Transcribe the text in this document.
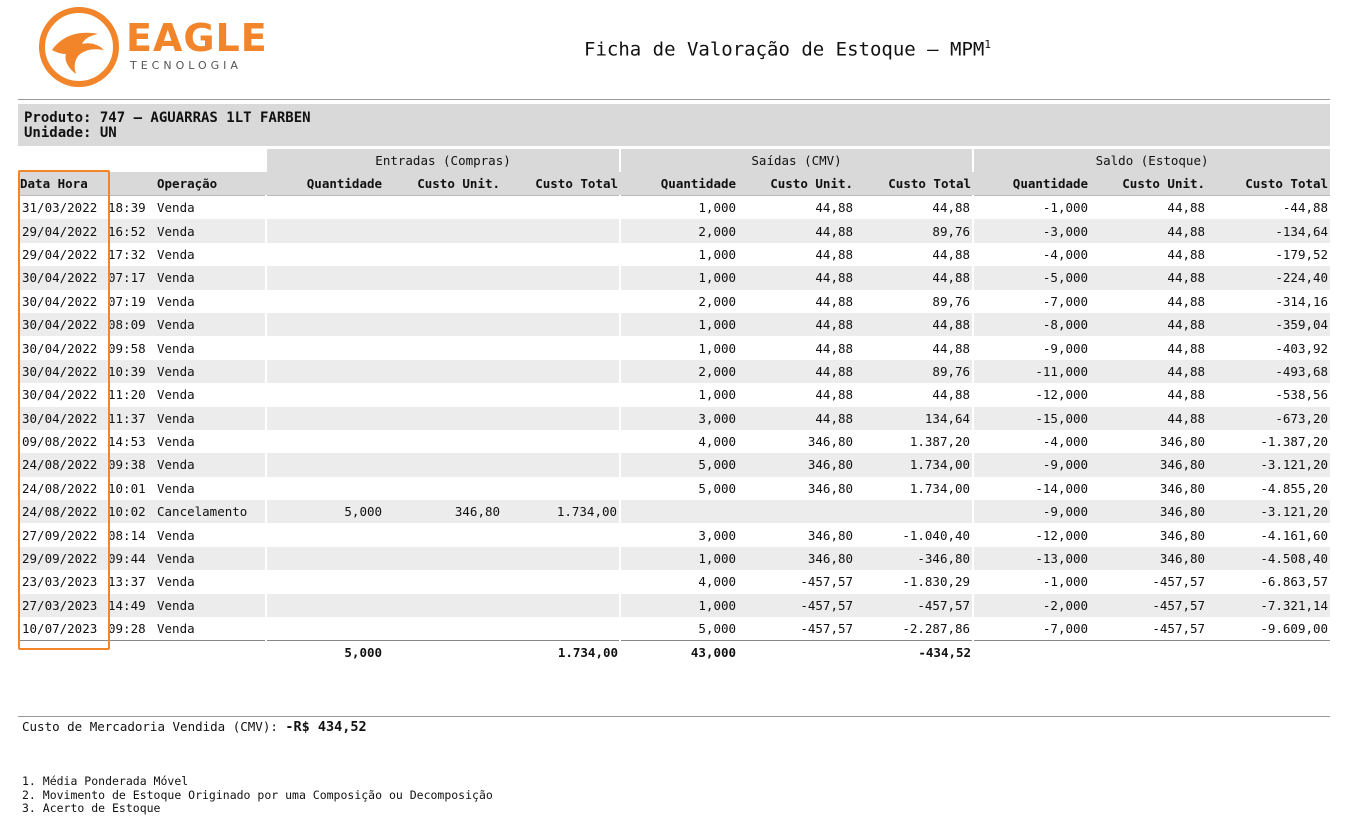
EAGLE
TECNOLOGIA
Ficha de Valoração de Estoque – MPM$^1$
Produto: 747 – AGUARRAS 1LT FARBEN
Unidade: UN
			Entradas (Compras)			Saídas (CMV)			Saldo (Estoque)		
Data Hora		Operação	Quantidade	Custo Unit.	Custo Total	Quantidade	Custo Unit.	Custo Total	Quantidade	Custo Unit.	Custo Total
31/03/2022	18:39	Venda				1,000	44,88	44,88	-1,000	44,88	-44,88
29/04/2022	16:52	Venda				2,000	44,88	89,76	-3,000	44,88	-134,64
29/04/2022	17:32	Venda				1,000	44,88	44,88	-4,000	44,88	-179,52
30/04/2022	07:17	Venda				1,000	44,88	44,88	-5,000	44,88	-224,40
30/04/2022	07:19	Venda				2,000	44,88	89,76	-7,000	44,88	-314,16
30/04/2022	08:09	Venda				1,000	44,88	44,88	-8,000	44,88	-359,04
30/04/2022	09:58	Venda				1,000	44,88	44,88	-9,000	44,88	-403,92
30/04/2022	10:39	Venda				2,000	44,88	89,76	-11,000	44,88	-493,68
30/04/2022	11:20	Venda				1,000	44,88	44,88	-12,000	44,88	-538,56
30/04/2022	11:37	Venda				3,000	44,88	134,64	-15,000	44,88	-673,20
09/08/2022	14:53	Venda				4,000	346,80	1.387,20	-4,000	346,80	-1.387,20
24/08/2022	09:38	Venda				5,000	346,80	1.734,00	-9,000	346,80	-3.121,20
24/08/2022	10:01	Venda				5,000	346,80	1.734,00	-14,000	346,80	-4.855,20
24/08/2022	10:02	Cancelamento	5,000	346,80	1.734,00				-9,000	346,80	-3.121,20
27/09/2022	08:14	Venda				3,000	346,80	-1.040,40	-12,000	346,80	-4.161,60
29/09/2022	09:44	Venda				1,000	346,80	-346,80	-13,000	346,80	-4.508,40
23/03/2023	13:37	Venda				4,000	-457,57	-1.830,29	-1,000	-457,57	-6.863,57
27/03/2023	14:49	Venda				1,000	-457,57	-457,57	-2,000	-457,57	-7.321,14
10/07/2023	09:28	Venda				5,000	-457,57	-2.287,86	-7,000	-457,57	-9.609,00
			5,000		1.734,00	43,000		-434,52			
Custo de Mercadoria Vendida (CMV): -R$ 434,52
1. Média Ponderada Móvel
2. Movimento de Estoque Originado por uma Composição ou Decomposição
3. Acerto de Estoque
